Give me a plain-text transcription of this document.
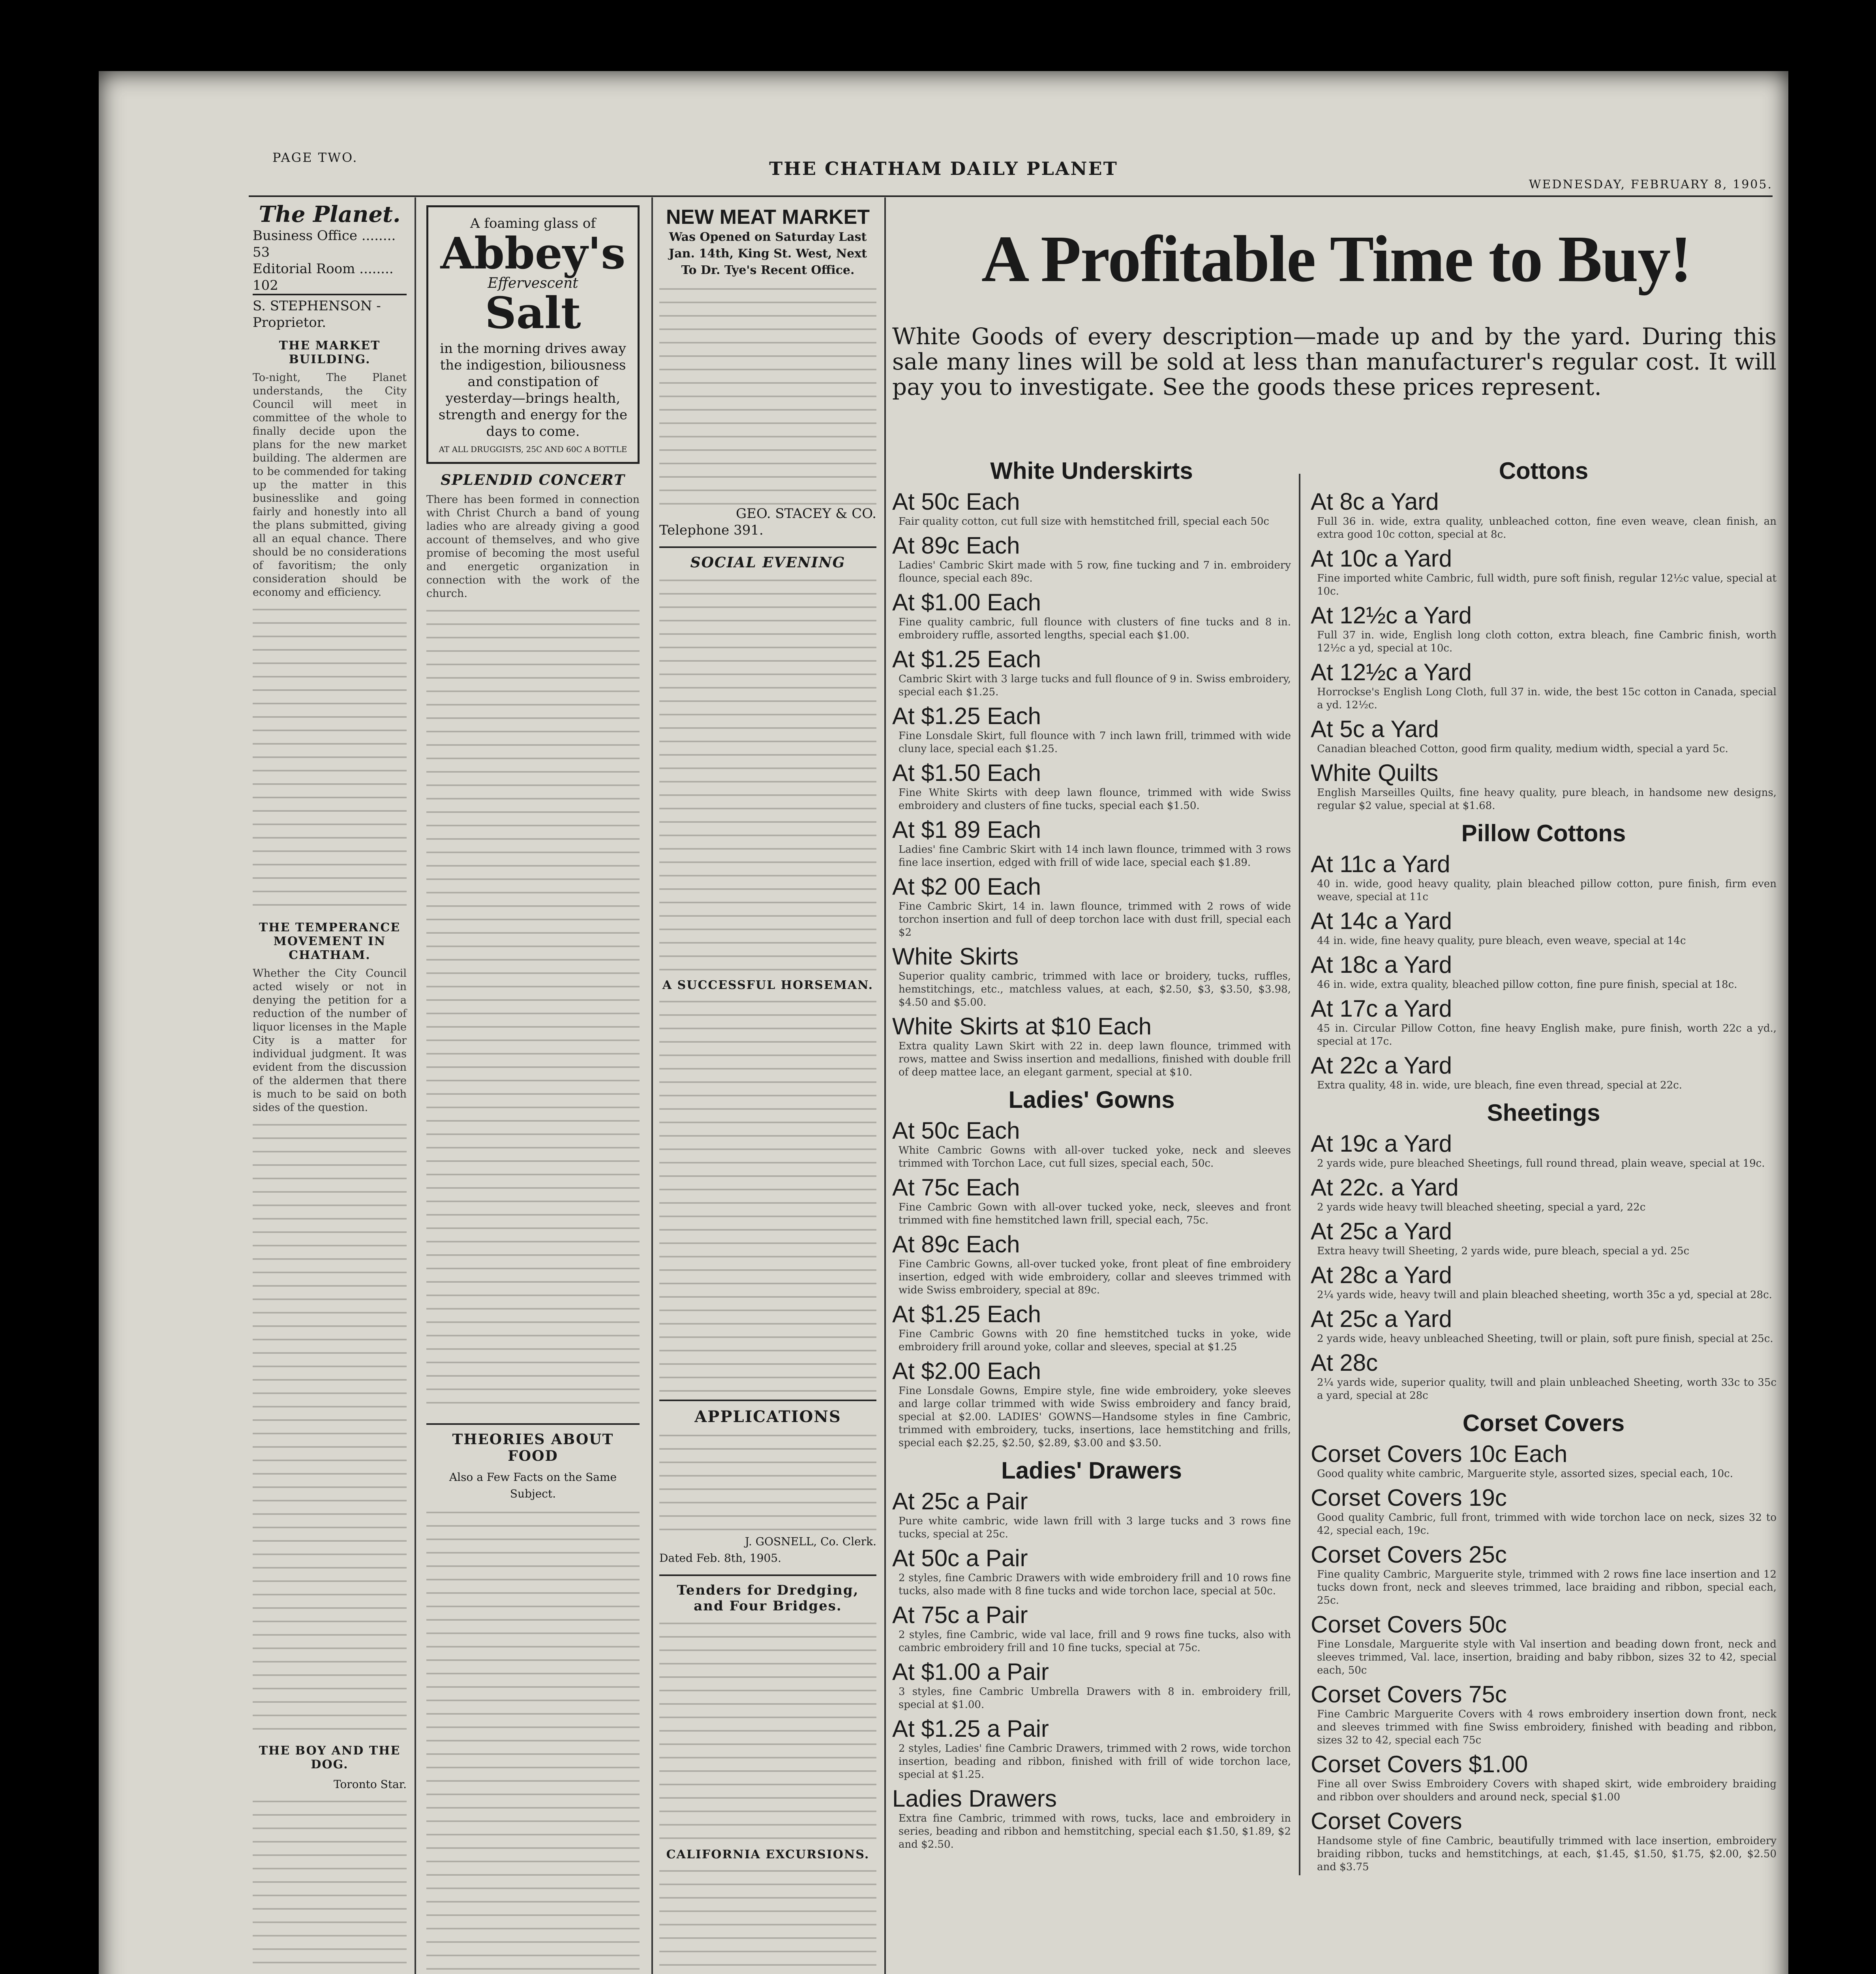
PAGE TWO.
THE CHATHAM DAILY PLANET
WEDNESDAY, FEBRUARY 8, 1905.
The Planet.
Business Office ........ 53
Editorial Room ........ 102
S. STEPHENSON - Proprietor.
THE MARKET BUILDING.
To-night, The Planet understands, the City Council will meet in committee of the whole to finally decide upon the plans for the new market building. The aldermen are to be commended for taking up the matter in this businesslike and going fairly and honestly into all the plans submitted, giving all an equal chance. There should be no considerations of favoritism; the only consideration should be economy and efficiency.
THE TEMPERANCE MOVEMENT IN CHATHAM.
Whether the City Council acted wisely or not in denying the petition for a reduction of the number of liquor licenses in the Maple City is a matter for individual judgment. It was evident from the discussion of the aldermen that there is much to be said on both sides of the question.
THE BOY AND THE DOG.
Toronto Star.
A foaming glass of
Abbey's
Effervescent
Salt
in the morning drives away the indigestion, biliousness and constipation of yesterday—brings health, strength and energy for the days to come.
AT ALL DRUGGISTS, 25C AND 60C A BOTTLE
SPLENDID CONCERT
There has been formed in connection with Christ Church a band of young ladies who are already giving a good account of themselves, and who give promise of becoming the most useful and energetic organization in connection with the work of the church.
THEORIES ABOUT FOOD
Also a Few Facts on the Same Subject.
NEW MEAT MARKET
Was Opened on Saturday Last Jan. 14th, King St. West, Next To Dr. Tye's Recent Office.
GEO. STACEY & CO.
Telephone 391.
SOCIAL EVENING
A SUCCESSFUL HORSEMAN.
APPLICATIONS
J. GOSNELL, Co. Clerk.
Dated Feb. 8th, 1905.
Tenders for Dredging, and Four Bridges.
CALIFORNIA EXCURSIONS.
A Profitable Time to Buy!
White Goods of every description—made up and by the yard. During this sale many lines will be sold at less than manufacturer's regular cost. It will pay you to investigate. See the goods these prices represent.
White Underskirts
At 50c Each
Fair quality cotton, cut full size with hemstitched frill, special each 50c
At 89c Each
Ladies' Cambric Skirt made with 5 row, fine tucking and 7 in. embroidery flounce, special each 89c.
At $1.00 Each
Fine quality cambric, full flounce with clusters of fine tucks and 8 in. embroidery ruffle, assorted lengths, special each $1.00.
At $1.25 Each
Cambric Skirt with 3 large tucks and full flounce of 9 in. Swiss embroidery, special each $1.25.
At $1.25 Each
Fine Lonsdale Skirt, full flounce with 7 inch lawn frill, trimmed with wide cluny lace, special each $1.25.
At $1.50 Each
Fine White Skirts with deep lawn flounce, trimmed with wide Swiss embroidery and clusters of fine tucks, special each $1.50.
At $1 89 Each
Ladies' fine Cambric Skirt with 14 inch lawn flounce, trimmed with 3 rows fine lace insertion, edged with frill of wide lace, special each $1.89.
At $2 00 Each
Fine Cambric Skirt, 14 in. lawn flounce, trimmed with 2 rows of wide torchon insertion and full of deep torchon lace with dust frill, special each $2
White Skirts
Superior quality cambric, trimmed with lace or broidery, tucks, ruffles, hemstitchings, etc., matchless values, at each, $2.50, $3, $3.50, $3.98, $4.50 and $5.00.
White Skirts at $10 Each
Extra quality Lawn Skirt with 22 in. deep lawn flounce, trimmed with rows, mattee and Swiss insertion and medallions, finished with double frill of deep mattee lace, an elegant garment, special at $10.
Ladies' Gowns
At 50c Each
White Cambric Gowns with all-over tucked yoke, neck and sleeves trimmed with Torchon Lace, cut full sizes, special each, 50c.
At 75c Each
Fine Cambric Gown with all-over tucked yoke, neck, sleeves and front trimmed with fine hemstitched lawn frill, special each, 75c.
At 89c Each
Fine Cambric Gowns, all-over tucked yoke, front pleat of fine embroidery insertion, edged with wide embroidery, collar and sleeves trimmed with wide Swiss embroidery, special at 89c.
At $1.25 Each
Fine Cambric Gowns with 20 fine hemstitched tucks in yoke, wide embroidery frill around yoke, collar and sleeves, special at $1.25
At $2.00 Each
Fine Lonsdale Gowns, Empire style, fine wide embroidery, yoke sleeves and large collar trimmed with wide Swiss embroidery and fancy braid, special at $2.00. LADIES' GOWNS—Handsome styles in fine Cambric, trimmed with embroidery, tucks, insertions, lace hemstitching and frills, special each $2.25, $2.50, $2.89, $3.00 and $3.50.
Ladies' Drawers
At 25c a Pair
Pure white cambric, wide lawn frill with 3 large tucks and 3 rows fine tucks, special at 25c.
At 50c a Pair
2 styles, fine Cambric Drawers with wide embroidery frill and 10 rows fine tucks, also made with 8 fine tucks and wide torchon lace, special at 50c.
At 75c a Pair
2 styles, fine Cambric, wide val lace, frill and 9 rows fine tucks, also with cambric embroidery frill and 10 fine tucks, special at 75c.
At $1.00 a Pair
3 styles, fine Cambric Umbrella Drawers with 8 in. embroidery frill, special at $1.00.
At $1.25 a Pair
2 styles, Ladies' fine Cambric Drawers, trimmed with 2 rows, wide torchon insertion, beading and ribbon, finished with frill of wide torchon lace, special at $1.25.
Ladies Drawers
Extra fine Cambric, trimmed with rows, tucks, lace and embroidery in series, beading and ribbon and hemstitching, special each $1.50, $1.89, $2 and $2.50.
Cottons
At 8c a Yard
Full 36 in. wide, extra quality, unbleached cotton, fine even weave, clean finish, an extra good 10c cotton, special at 8c.
At 10c a Yard
Fine imported white Cambric, full width, pure soft finish, regular 12½c value, special at 10c.
At 12½c a Yard
Full 37 in. wide, English long cloth cotton, extra bleach, fine Cambric finish, worth 12½c a yd, special at 10c.
At 12½c a Yard
Horrockse's English Long Cloth, full 37 in. wide, the best 15c cotton in Canada, special a yd. 12½c.
At 5c a Yard
Canadian bleached Cotton, good firm quality, medium width, special a yard 5c.
White Quilts
English Marseilles Quilts, fine heavy quality, pure bleach, in handsome new designs, regular $2 value, special at $1.68.
Pillow Cottons
At 11c a Yard
40 in. wide, good heavy quality, plain bleached pillow cotton, pure finish, firm even weave, special at 11c
At 14c a Yard
44 in. wide, fine heavy quality, pure bleach, even weave, special at 14c
At 18c a Yard
46 in. wide, extra quality, bleached pillow cotton, fine pure finish, special at 18c.
At 17c a Yard
45 in. Circular Pillow Cotton, fine heavy English make, pure finish, worth 22c a yd., special at 17c.
At 22c a Yard
Extra quality, 48 in. wide, ure bleach, fine even thread, special at 22c.
Sheetings
At 19c a Yard
2 yards wide, pure bleached Sheetings, full round thread, plain weave, special at 19c.
At 22c. a Yard
2 yards wide heavy twill bleached sheeting, special a yard, 22c
At 25c a Yard
Extra heavy twill Sheeting, 2 yards wide, pure bleach, special a yd. 25c
At 28c a Yard
2¼ yards wide, heavy twill and plain bleached sheeting, worth 35c a yd, special at 28c.
At 25c a Yard
2 yards wide, heavy unbleached Sheeting, twill or plain, soft pure finish, special at 25c.
At 28c
2¼ yards wide, superior quality, twill and plain unbleached Sheeting, worth 33c to 35c a yard, special at 28c
Corset Covers
Corset Covers 10c Each
Good quality white cambric, Marguerite style, assorted sizes, special each, 10c.
Corset Covers 19c
Good quality Cambric, full front, trimmed with wide torchon lace on neck, sizes 32 to 42, special each, 19c.
Corset Covers 25c
Fine quality Cambric, Marguerite style, trimmed with 2 rows fine lace insertion and 12 tucks down front, neck and sleeves trimmed, lace braiding and ribbon, special each, 25c.
Corset Covers 50c
Fine Lonsdale, Marguerite style with Val insertion and beading down front, neck and sleeves trimmed, Val. lace, insertion, braiding and baby ribbon, sizes 32 to 42, special each, 50c
Corset Covers 75c
Fine Cambric Marguerite Covers with 4 rows embroidery insertion down front, neck and sleeves trimmed with fine Swiss embroidery, finished with beading and ribbon, sizes 32 to 42, special each 75c
Corset Covers $1.00
Fine all over Swiss Embroidery Covers with shaped skirt, wide embroidery braiding and ribbon over shoulders and around neck, special $1.00
Corset Covers
Handsome style of fine Cambric, beautifully trimmed with lace insertion, embroidery braiding ribbon, tucks and hemstitchings, at each, $1.45, $1.50, $1.75, $2.00, $2.50 and $3.75
